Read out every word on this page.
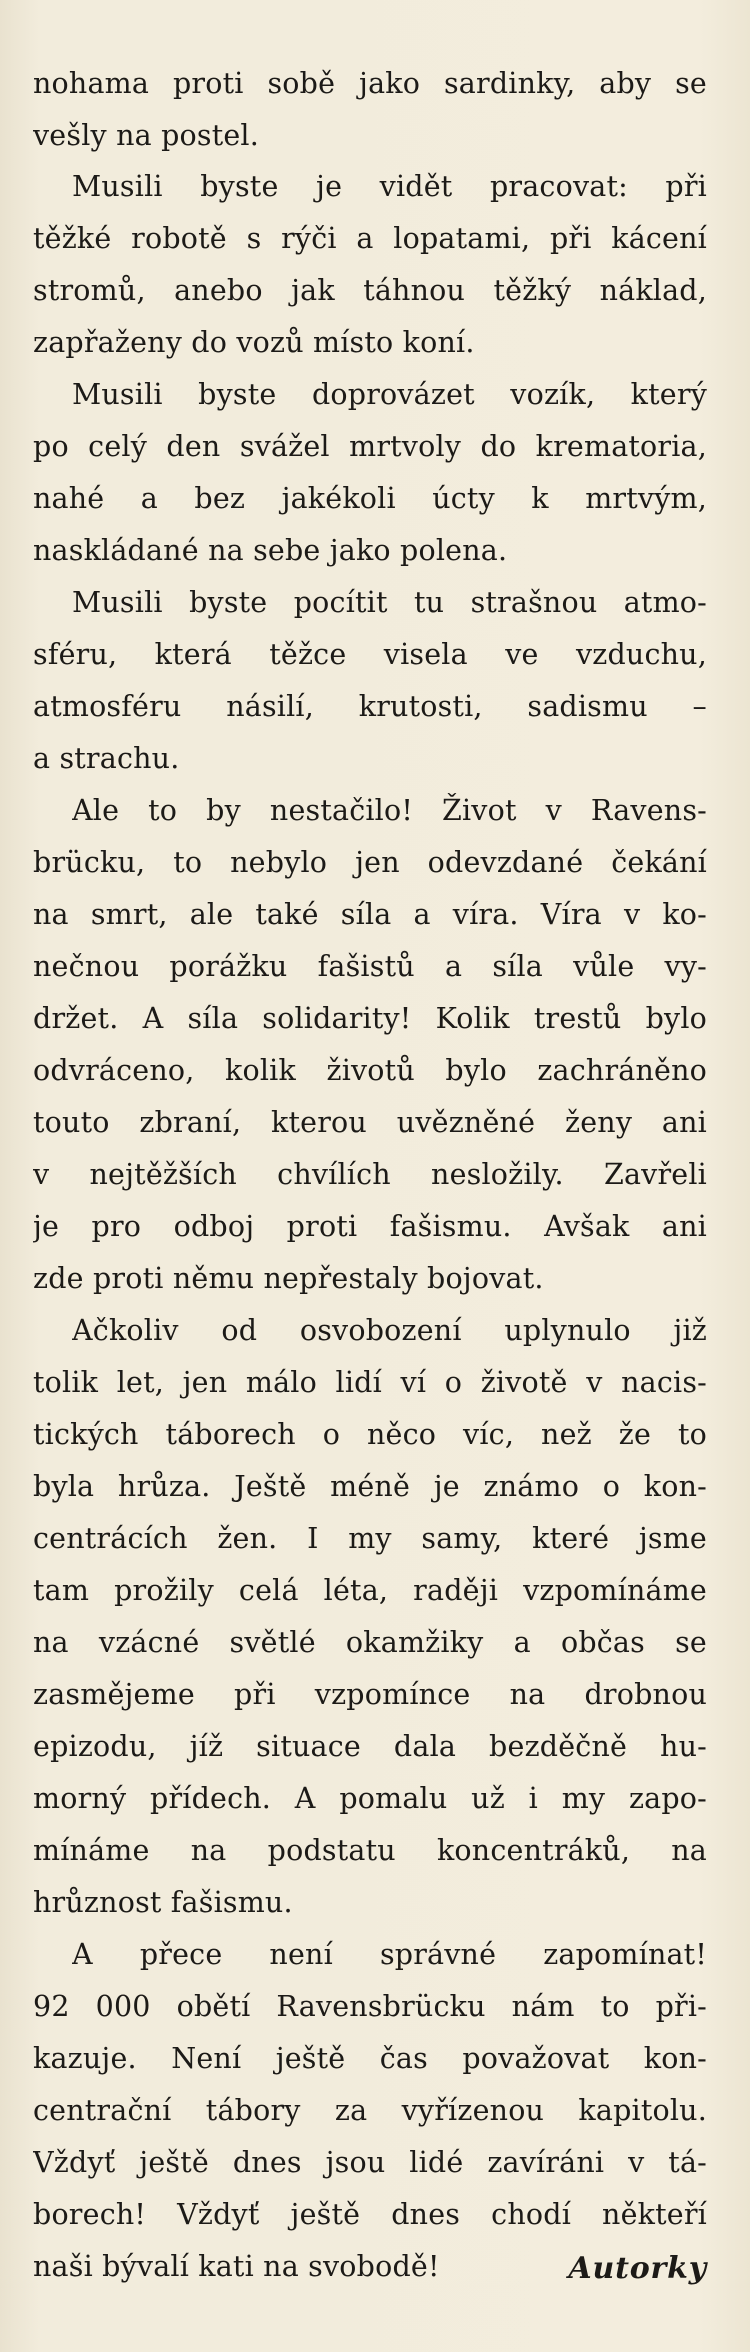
nohama proti sobě jako sardinky, aby se
vešly na postel.
Musili byste je vidět pracovat: při
těžké robotě s rýči a lopatami, při kácení
stromů, anebo jak táhnou těžký náklad,
zapřaženy do vozů místo koní.
Musili byste doprovázet vozík, který
po celý den svážel mrtvoly do krematoria,
nahé a bez jakékoli úcty k mrtvým,
naskládané na sebe jako polena.
Musili byste pocítit tu strašnou atmo-
sféru, která těžce visela ve vzduchu,
atmosféru násilí, krutosti, sadismu –
a strachu.
Ale to by nestačilo! Život v Ravens-
brücku, to nebylo jen odevzdané čekání
na smrt, ale také síla a víra. Víra v ko-
nečnou porážku fašistů a síla vůle vy-
držet. A síla solidarity! Kolik trestů bylo
odvráceno, kolik životů bylo zachráněno
touto zbraní, kterou uvězněné ženy ani
v nejtěžších chvílích nesložily. Zavřeli
je pro odboj proti fašismu. Avšak ani
zde proti němu nepřestaly bojovat.
Ačkoliv od osvobození uplynulo již
tolik let, jen málo lidí ví o životě v nacis-
tických táborech o něco víc, než že to
byla hrůza. Ještě méně je známo o kon-
centrácích žen. I my samy, které jsme
tam prožily celá léta, raději vzpomínáme
na vzácné světlé okamžiky a občas se
zasmějeme při vzpomínce na drobnou
epizodu, jíž situace dala bezděčně hu-
morný přídech. A pomalu už i my zapo-
mínáme na podstatu koncentráků, na
hrůznost fašismu.
A přece není správné zapomínat!
92 000 obětí Ravensbrücku nám to při-
kazuje. Není ještě čas považovat kon-
centrační tábory za vyřízenou kapitolu.
Vždyť ještě dnes jsou lidé zavíráni v tá-
borech! Vždyť ještě dnes chodí někteří
naši bývalí kati na svobodě!	Autorky
